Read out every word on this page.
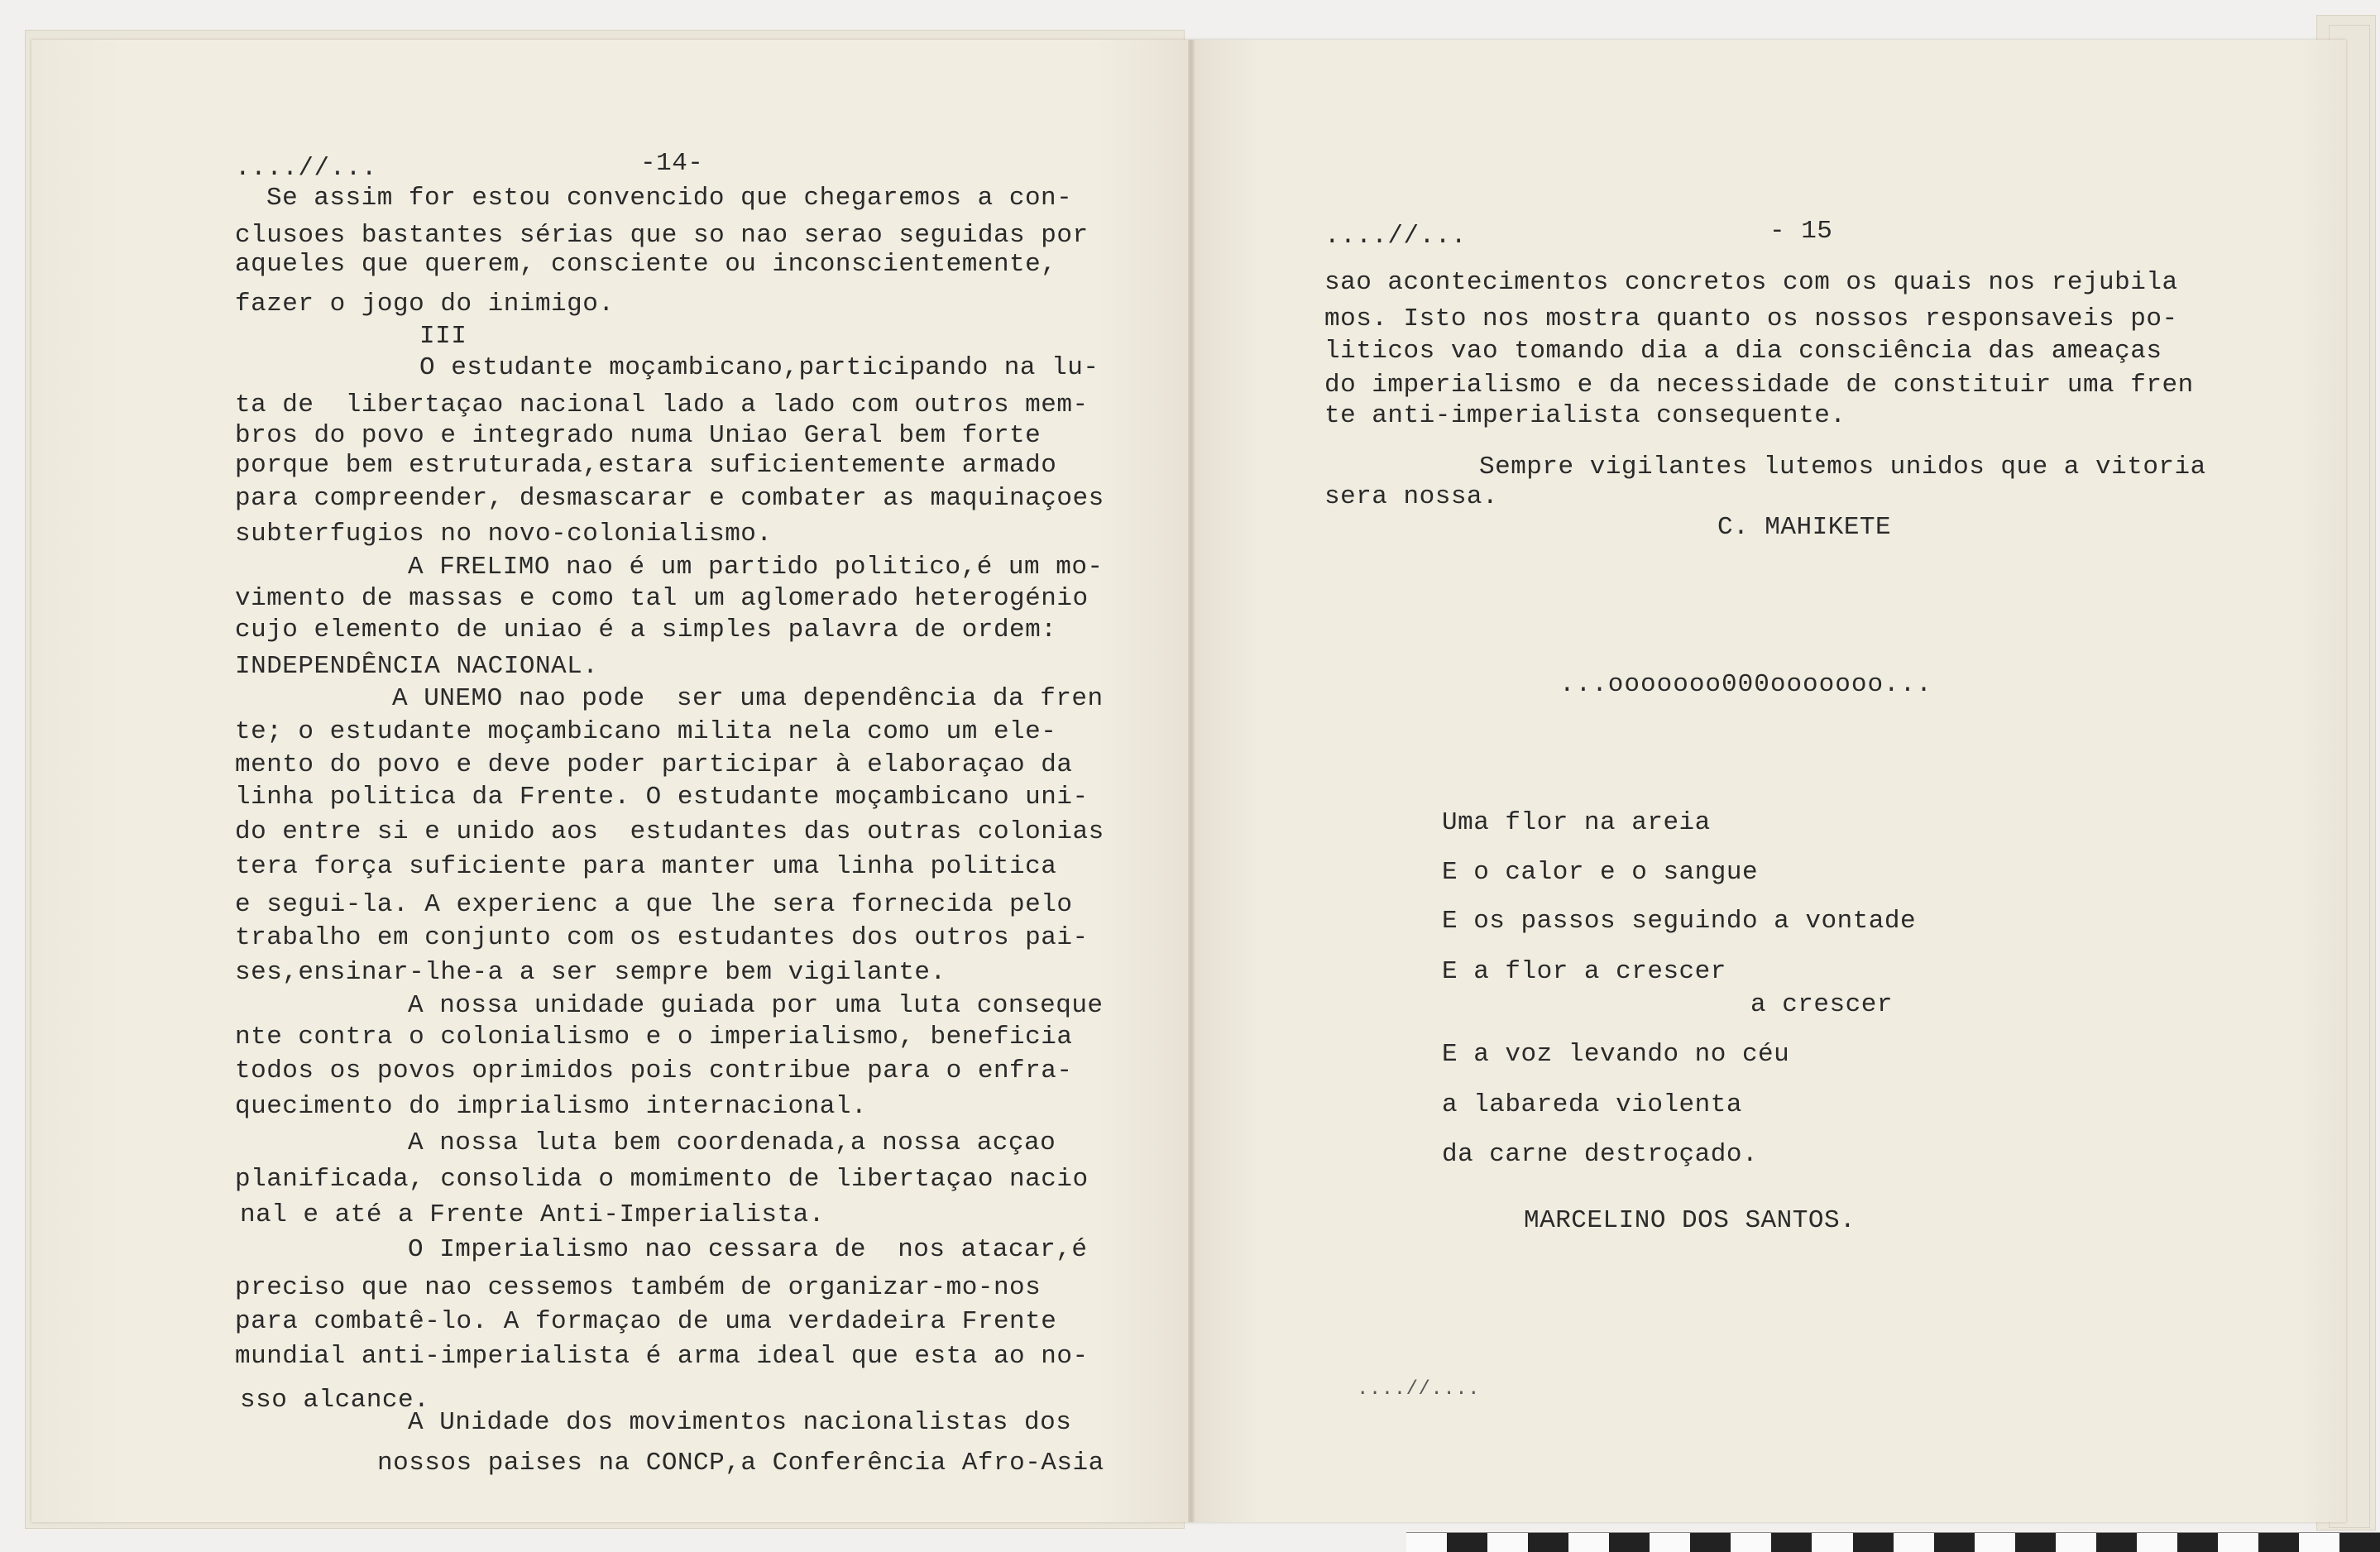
....//...	-14-
Se assim for estou convencido que chegaremos a con-
clusoes bastantes sérias que so nao serao seguidas por
aqueles que querem, consciente ou inconscientemente,
fazer o jogo do inimigo.
III
O estudante moçambicano,participando na lu-
ta de  libertaçao nacional lado a lado com outros mem-
bros do povo e integrado numa Uniao Geral bem forte
porque bem estruturada,estara suficientemente armado
para compreender, desmascarar e combater as maquinaçoes
subterfugios no novo-colonialismo.
A FRELIMO nao é um partido politico,é um mo-
vimento de massas e como tal um aglomerado heterogénio
cujo elemento de uniao é a simples palavra de ordem:
INDEPENDÊNCIA NACIONAL.
A UNEMO nao pode  ser uma dependência da fren
te; o estudante moçambicano milita nela como um ele-
mento do povo e deve poder participar à elaboraçao da
linha politica da Frente. O estudante moçambicano uni-
do entre si e unido aos  estudantes das outras colonias
tera força suficiente para manter uma linha politica
e segui-la. A experienc a que lhe sera fornecida pelo
trabalho em conjunto com os estudantes dos outros pai-
ses,ensinar-lhe-a a ser sempre bem vigilante.
A nossa unidade guiada por uma luta conseque
nte contra o colonialismo e o imperialismo, beneficia
todos os povos oprimidos pois contribue para o enfra-
quecimento do imprialismo internacional.
A nossa luta bem coordenada,a nossa acçao
planificada, consolida o momimento de libertaçao nacio
nal e até a Frente Anti-Imperialista.
O Imperialismo nao cessara de  nos atacar,é
preciso que nao cessemos também de organizar-mo-nos
para combatê-lo. A formaçao de uma verdadeira Frente
mundial anti-imperialista é arma ideal que esta ao no-
sso alcance.
A Unidade dos movimentos nacionalistas dos
nossos paises na CONCP,a Conferência Afro-Asia
....//...	- 15
sao acontecimentos concretos com os quais nos rejubila
mos. Isto nos mostra quanto os nossos responsaveis po-
liticos vao tomando dia a dia consciência das ameaças
do imperialismo e da necessidade de constituir uma fren
te anti-imperialista consequente.
Sempre vigilantes lutemos unidos que a vitoria
sera nossa.
C. MAHIKETE
...ooooooo000ooooooo...
Uma flor na areia
E o calor e o sangue
E os passos seguindo a vontade
E a flor a crescer
a crescer
E a voz levando no céu
a labareda violenta
da carne destroçado.
MARCELINO DOS SANTOS.
....//....
